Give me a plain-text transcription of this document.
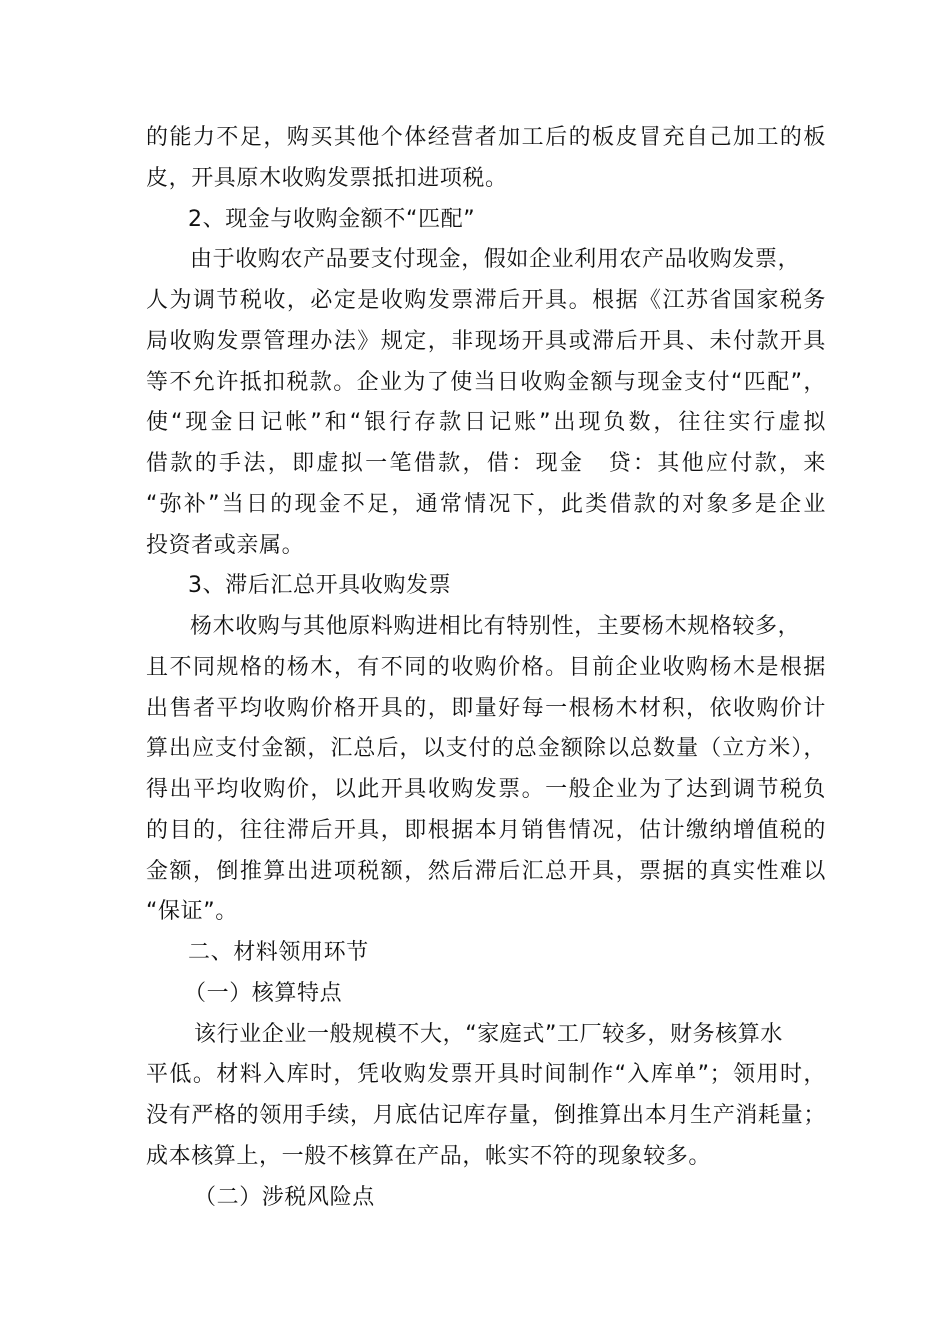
的能力不足，购买其他个体经营者加工后的板皮冒充自己加工的板
皮，开具原木收购发票抵扣进项税。
2、现金与收购金额不“匹配”
由于收购农产品要支付现金，假如企业利用农产品收购发票，
人为调节税收，必定是收购发票滞后开具。根据《江苏省国家税务
局收购发票管理办法》规定，非现场开具或滞后开具、未付款开具
等不允许抵扣税款。企业为了使当日收购金额与现金支付“匹配”，
使“现金日记帐”和“银行存款日记账”出现负数，往往实行虚拟
借款的手法，即虚拟一笔借款，借：现金　贷：其他应付款，来
“弥补”当日的现金不足，通常情况下，此类借款的对象多是企业
投资者或亲属。
3、滞后汇总开具收购发票
杨木收购与其他原料购进相比有特别性，主要杨木规格较多，
且不同规格的杨木，有不同的收购价格。目前企业收购杨木是根据
出售者平均收购价格开具的，即量好每一根杨木材积，依收购价计
算出应支付金额，汇总后，以支付的总金额除以总数量（立方米），
得出平均收购价，以此开具收购发票。一般企业为了达到调节税负
的目的，往往滞后开具，即根据本月销售情况，估计缴纳增值税的
金额，倒推算出进项税额，然后滞后汇总开具，票据的真实性难以
“保证”。
二、材料领用环节
（一）核算特点
该行业企业一般规模不大，“家庭式”工厂较多，财务核算水
平低。材料入库时，凭收购发票开具时间制作“入库单”；领用时，
没有严格的领用手续，月底估记库存量，倒推算出本月生产消耗量；
成本核算上，一般不核算在产品，帐实不符的现象较多。
（二）涉税风险点
